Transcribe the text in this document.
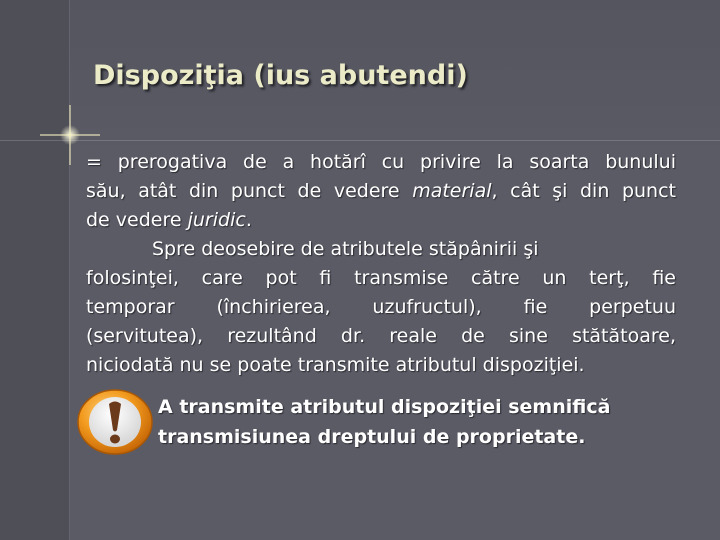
Dispoziţia (ius abutendi)
= prerogativa de a hotărî cu privire la soarta bunului
său, atât din punct de vedere material, cât şi din punct
de vedere juridic.
Spre deosebire de atributele stăpânirii şi
folosinţei, care pot fi transmise către un terţ, fie
temporar (închirierea, uzufructul), fie perpetuu
(servitutea), rezultând dr. reale de sine stătătoare,
niciodată nu se poate transmite atributul dispoziţiei.
A transmite atributul dispoziţiei semnifică
transmisiunea dreptului de proprietate.
